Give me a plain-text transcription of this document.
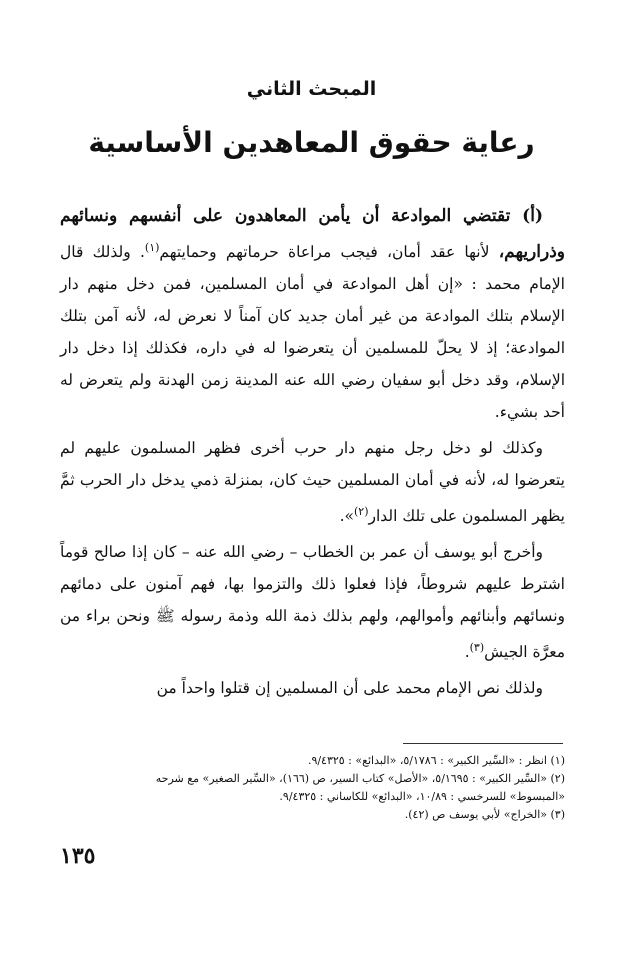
المبحث الثاني
رعاية حقوق المعاهدين الأساسية

(أ) تقتضي الموادعة أن يأمن المعاهدون على أنفسهم ونسائهم وذراريهم، لأنها عقد أمان، فيجب مراعاة حرماتهم وحمايتهم$^{(١)}$. ولذلك قال الإمام محمد : «إن أهل الموادعة في أمان المسلمين، فمن دخل منهم دار الإسلام بتلك الموادعة من غير أمان جديد كان آمناً لا نعرض له، لأنه آمن بتلك الموادعة؛ إذ لا يحلّ للمسلمين أن يتعرضوا له في داره، فكذلك إذا دخل دار الإسلام، وقد دخل أبو سفيان رضي الله عنه المدينة زمن الهدنة ولم يتعرض له أحد بشيء.

وكذلك لو دخل رجل منهم دار حرب أخرى فظهر المسلمون عليهم لم يتعرضوا له، لأنه في أمان المسلمين حيث كان، بمنزلة ذمي يدخل دار الحرب ثمَّ يظهر المسلمون على تلك الدار$^{(٢)}$».

وأخرج أبو يوسف أن عمر بن الخطاب – رضي الله عنه – كان إذا صالح قوماً اشترط عليهم شروطاً، فإذا فعلوا ذلك والتزموا بها، فهم آمنون على دمائهم ونسائهم وأبنائهم وأموالهم، ولهم بذلك ذمة الله وذمة رسوله ﷺ ونحن براء من معرَّة الجيش$^{(٣)}$.

ولذلك نص الإمام محمد على أن المسلمين إن قتلوا واحداً من

(١) انظر : «السِّير الكبير» : ٥/١٧٨٦، «البدائع» : ٩/٤٣٢٥.
(٢) «السِّير الكبير» : ٥/١٦٩٥، «الأصل» كتاب السير، ص (١٦٦)، «السِّير الصغير» مع شرحه «المبسوط» للسرخسي : ١٠/٨٩، «البدائع» للكاساني : ٩/٤٣٢٥.
(٣) «الخراج» لأبي يوسف ص (٤٢).
١٣٥
